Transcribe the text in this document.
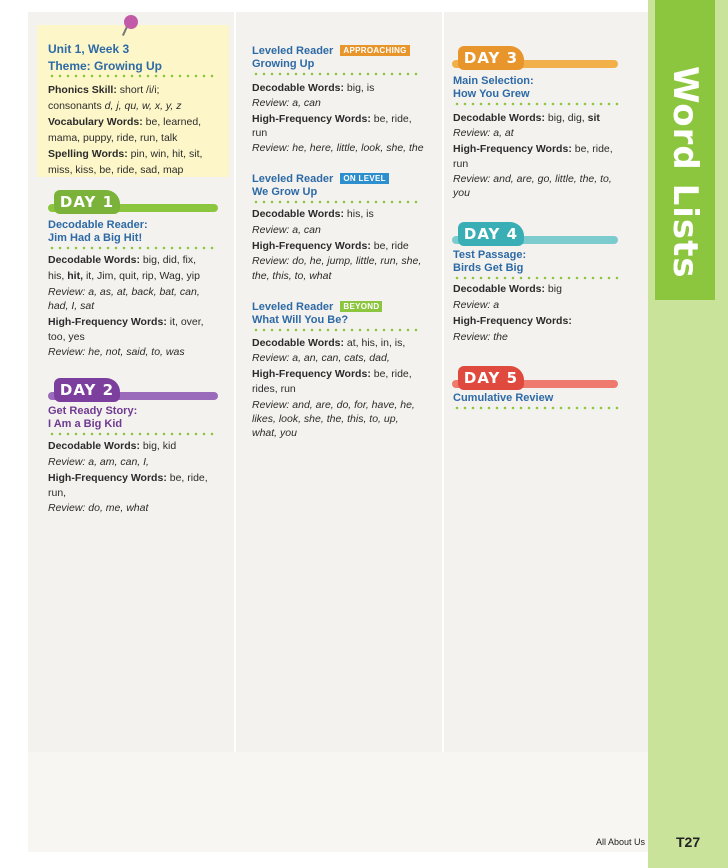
Word Lists
Unit 1, Week 3
Theme: Growing Up
Phonics Skill: short /i/i;
consonants d, j, qu, w, x, y, z
Vocabulary Words: be, learned,
mama, puppy, ride, run, talk
Spelling Words: pin, win, hit, sit,
miss, kiss, be, ride, sad, map
DAY 1
Decodable Reader:
Jim Had a Big Hit!
Decodable Words: big, did, fix,
his, hit, it, Jim, quit, rip, Wag, yip
Review: a, as, at, back, bat, can,
had, I, sat
High-Frequency Words: it, over,
too, yes
Review: he, not, said, to, was
DAY 2
Get Ready Story:
I Am a Big Kid
Decodable Words: big, kid
Review: a, am, can, I,
High-Frequency Words: be, ride,
run,
Review: do, me, what
Leveled Reader APPROACHING
Growing Up
Decodable Words: big, is
Review: a, can
High-Frequency Words: be, ride,
run
Review: he, here, little, look, she, the
Leveled Reader ON LEVEL
We Grow Up
Decodable Words: his, is
Review: a, can
High-Frequency Words: be, ride
Review: do, he, jump, little, run, she,
the, this, to, what
Leveled Reader BEYOND
What Will You Be?
Decodable Words: at, his, in, is,
Review: a, an, can, cats, dad,
High-Frequency Words: be, ride,
rides, run
Review: and, are, do, for, have, he,
likes, look, she, the, this, to, up,
what, you
DAY 3
Main Selection:
How You Grew
Decodable Words: big, dig, sit
Review: a, at
High-Frequency Words: be, ride,
run
Review: and, are, go, little, the, to,
you
DAY 4
Test Passage:
Birds Get Big
Decodable Words: big
Review: a
High-Frequency Words:
Review: the
DAY 5
Cumulative Review
All About Us T27
